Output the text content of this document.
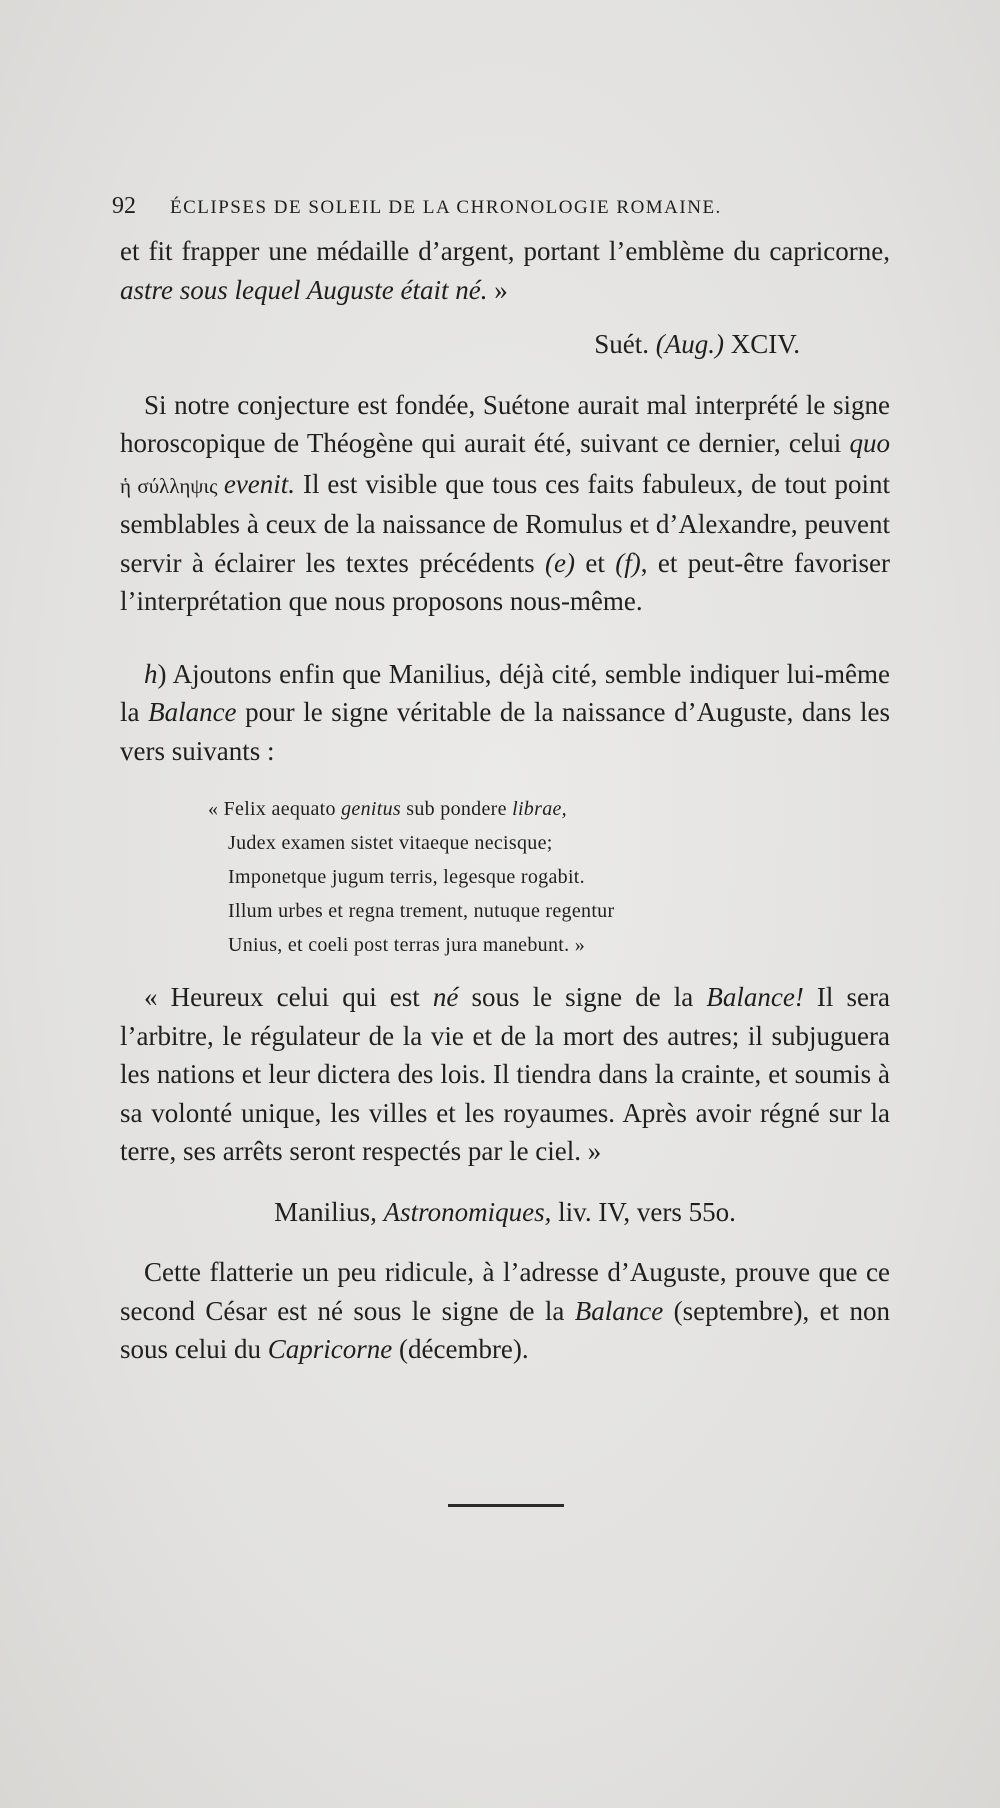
92	ÉCLIPSES DE SOLEIL DE LA CHRONOLOGIE ROMAINE.

et fit frapper une médaille d’argent, portant l’emblème du capricorne, astre sous lequel Auguste était né. »

Suét. (Aug.) XCIV.

Si notre conjecture est fondée, Suétone aurait mal interprété le signe horoscopique de Théogène qui aurait été, suivant ce dernier, celui quo ἡ σύλληψις evenit. Il est visible que tous ces faits fabuleux, de tout point semblables à ceux de la naissance de Romulus et d’Alexandre, peuvent servir à éclairer les textes précédents (e) et (f), et peut-être favoriser l’interprétation que nous proposons nous-même.

h) Ajoutons enfin que Manilius, déjà cité, semble indiquer lui-même la Balance pour le signe véritable de la naissance d’Auguste, dans les vers suivants :

« Felix aequato genitus sub pondere librae,
Judex examen sistet vitaeque necisque;
Imponetque jugum terris, legesque rogabit.
Illum urbes et regna trement, nutuque regentur
Unius, et coeli post terras jura manebunt. »

« Heureux celui qui est né sous le signe de la Balance! Il sera l’arbitre, le régulateur de la vie et de la mort des autres; il subjuguera les nations et leur dictera des lois. Il tiendra dans la crainte, et soumis à sa volonté unique, les villes et les royaumes. Après avoir régné sur la terre, ses arrêts seront respectés par le ciel. »

Manilius, Astronomiques, liv. IV, vers 55o.

Cette flatterie un peu ridicule, à l’adresse d’Auguste, prouve que ce second César est né sous le signe de la Balance (septembre), et non sous celui du Capricorne (décembre).
